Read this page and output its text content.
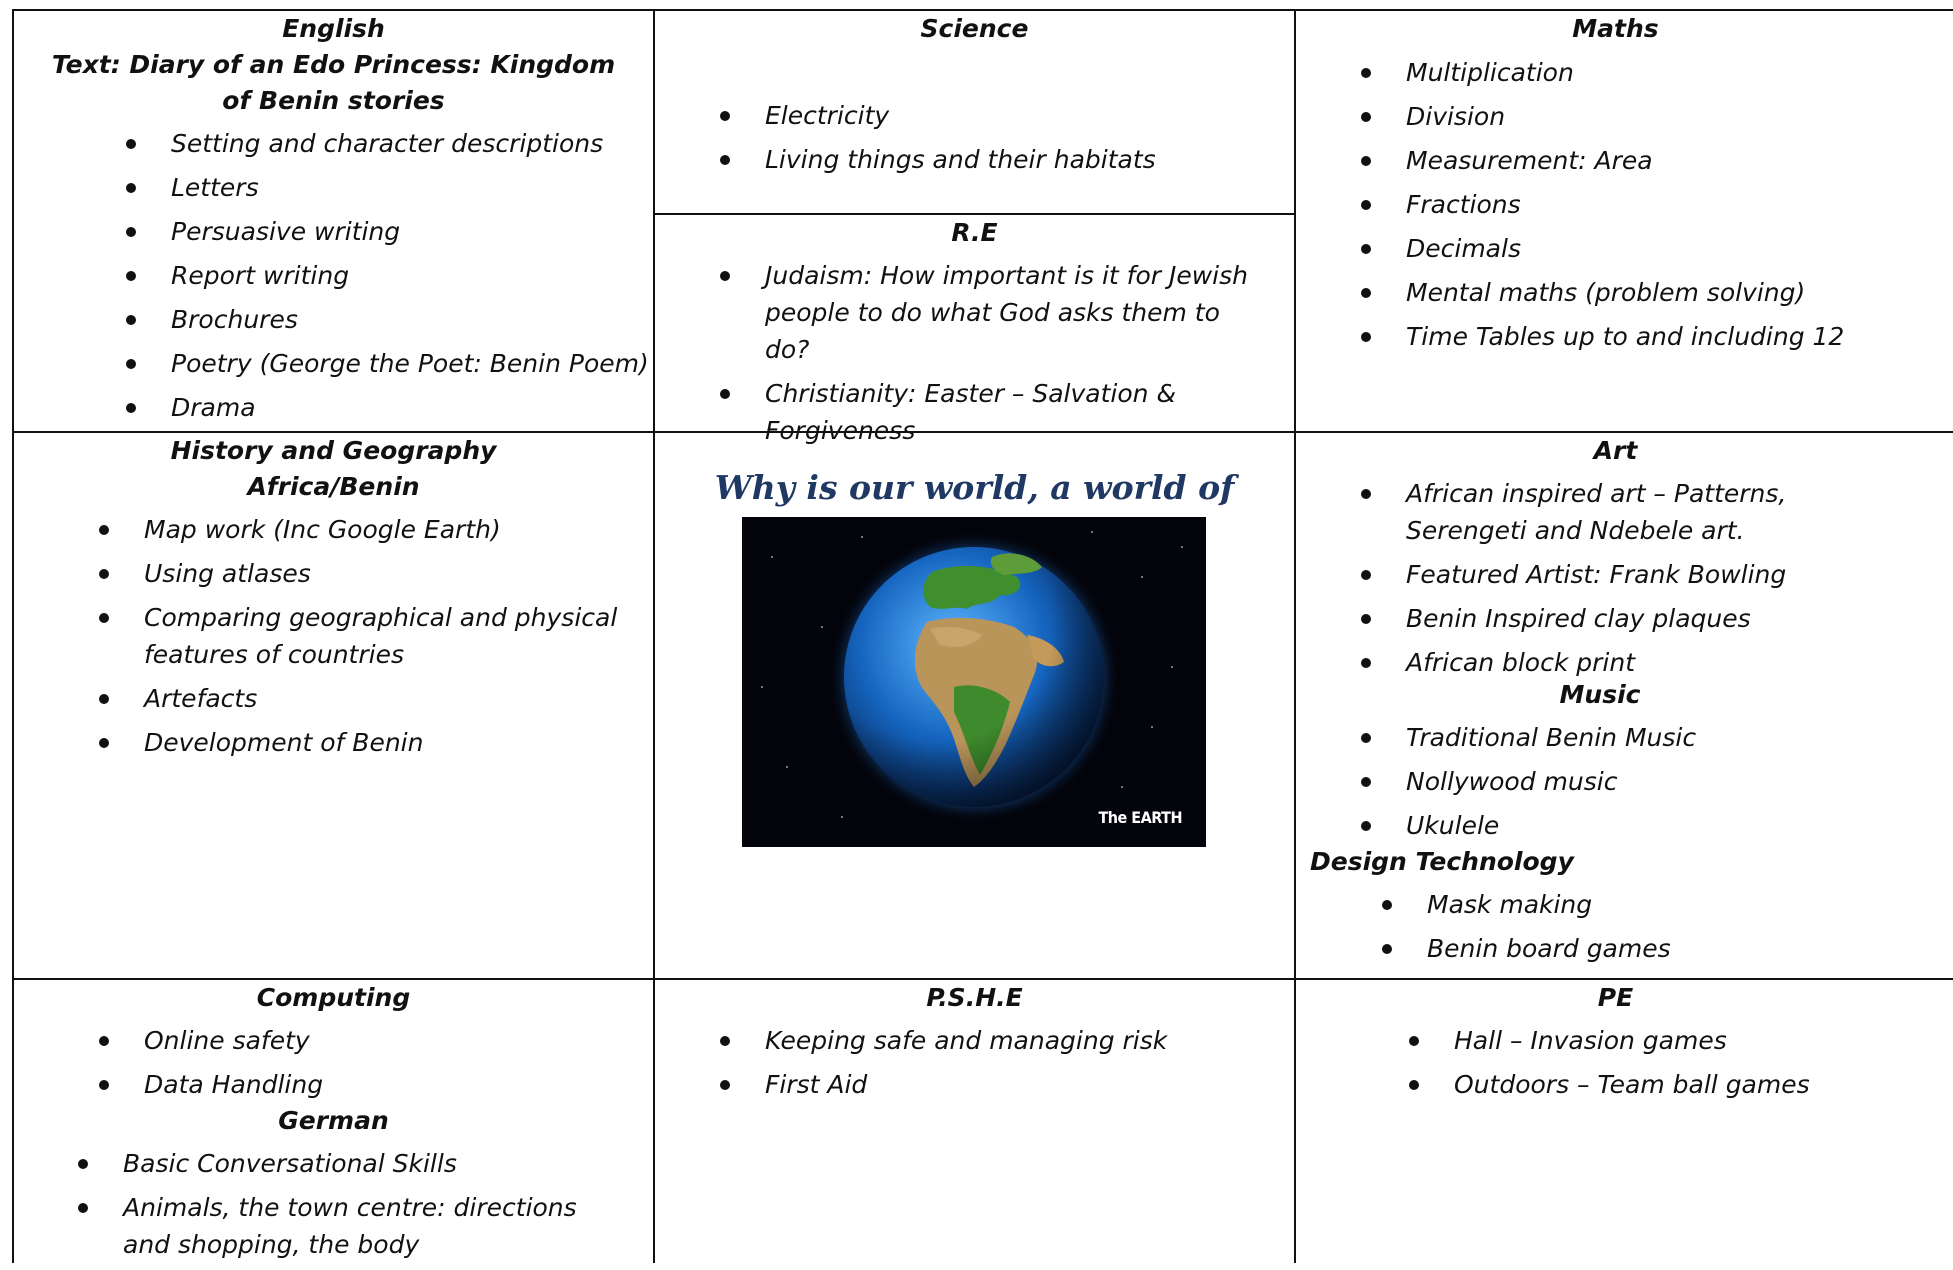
English

Text: Diary of an Edo Princess: Kingdom of Benin stories

Setting and character descriptions
Letters
Persuasive writing
Report writing
Brochures
Poetry (George the Poet: Benin Poem)
Drama

Science

Electricity
Living things and their habitats

R.E

Judaism: How important is it for Jewish people to do what God asks them to do?
Christianity: Easter – Salvation & Forgiveness

Maths

Multiplication
Division
Measurement: Area
Fractions
Decimals
Mental maths (problem solving)
Time Tables up to and including 12

History and Geography

Africa/Benin

Map work (Inc Google Earth)
Using atlases
Comparing geographical and physical features of countries
Artefacts
Development of Benin

Why is our world, a world of

The EARTH

Art

African inspired art – Patterns, Serengeti and Ndebele art.
Featured Artist: Frank Bowling
Benin Inspired clay plaques
African block print

Music

Traditional Benin Music
Nollywood music
Ukulele

Design Technology

Mask making
Benin board games

Computing

Online safety
Data Handling

German

Basic Conversational Skills
Animals, the town centre: directions and shopping, the body

P.S.H.E

Keeping safe and managing risk
First Aid

PE

Hall – Invasion games
Outdoors – Team ball games
